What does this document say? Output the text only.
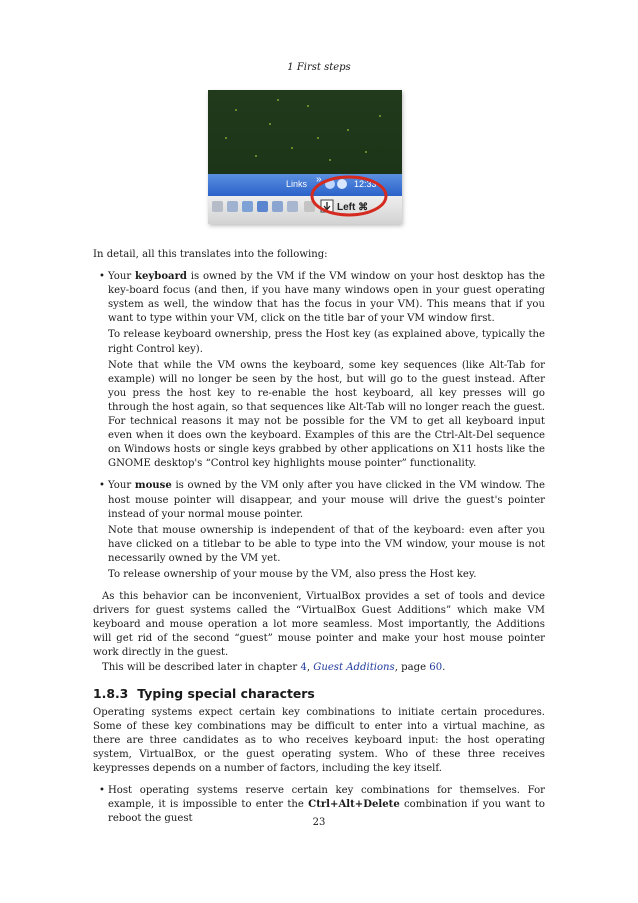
1 First steps
Links »	12:33
Left ⌘

In detail, all this translates into the following:

• Your keyboard is owned by the VM if the VM window on your host desktop has the key-board focus (and then, if you have many windows open in your guest operating system as well, the window that has the focus in your VM). This means that if you want to type within your VM, click on the title bar of your VM window first.

To release keyboard ownership, press the Host key (as explained above, typically the right Control key).

Note that while the VM owns the keyboard, some key sequences (like Alt-Tab for example) will no longer be seen by the host, but will go to the guest instead. After you press the host key to re-enable the host keyboard, all key presses will go through the host again, so that sequences like Alt-Tab will no longer reach the guest. For technical reasons it may not be possible for the VM to get all keyboard input even when it does own the keyboard. Examples of this are the Ctrl-Alt-Del sequence on Windows hosts or single keys grabbed by other applications on X11 hosts like the GNOME desktop's “Control key highlights mouse pointer” functionality.

• Your mouse is owned by the VM only after you have clicked in the VM window. The host mouse pointer will disappear, and your mouse will drive the guest's pointer instead of your normal mouse pointer.

Note that mouse ownership is independent of that of the keyboard: even after you have clicked on a titlebar to be able to type into the VM window, your mouse is not necessarily owned by the VM yet.

To release ownership of your mouse by the VM, also press the Host key.

As this behavior can be inconvenient, VirtualBox provides a set of tools and device drivers for guest systems called the “VirtualBox Guest Additions” which make VM keyboard and mouse operation a lot more seamless. Most importantly, the Additions will get rid of the second “guest” mouse pointer and make your host mouse pointer work directly in the guest.

This will be described later in chapter 4, Guest Additions, page 60.

1.8.3 Typing special characters

Operating systems expect certain key combinations to initiate certain procedures. Some of these key combinations may be difficult to enter into a virtual machine, as there are three candidates as to who receives keyboard input: the host operating system, VirtualBox, or the guest operating system. Who of these three receives keypresses depends on a number of factors, including the key itself.

• Host operating systems reserve certain key combinations for themselves. For example, it is impossible to enter the Ctrl+Alt+Delete combination if you want to reboot the guest	23
